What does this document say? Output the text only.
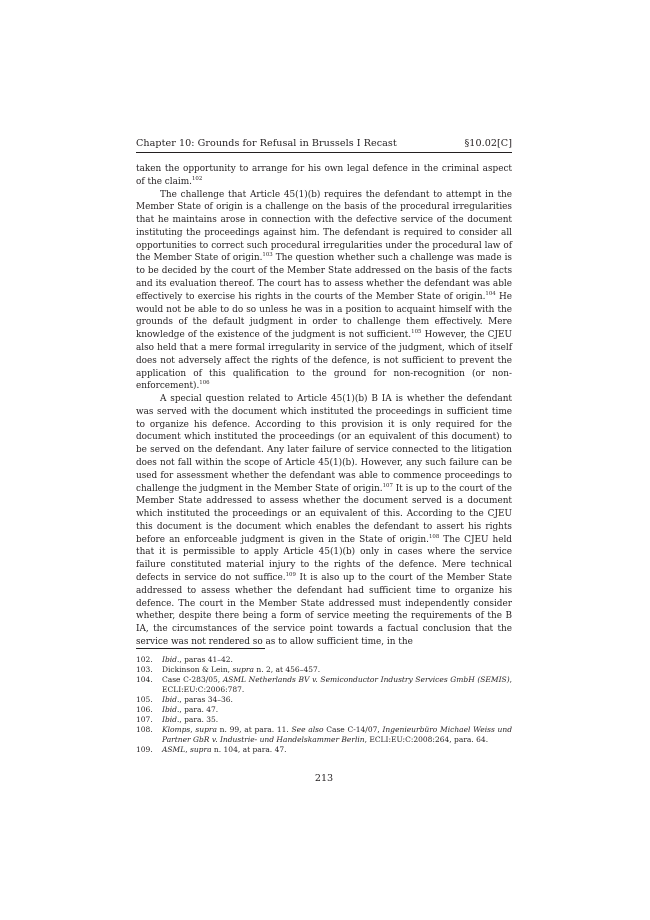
Chapter 10: Grounds for Refusal in Brussels I Recast	§10.02[C]

taken the opportunity to arrange for his own legal defence in the criminal aspect of the claim.$^{102}$

The challenge that Article 45(1)(b) requires the defendant to attempt in the Member State of origin is a challenge on the basis of the procedural irregularities that he maintains arose in connection with the defective service of the document instituting the proceedings against him. The defendant is required to consider all opportunities to correct such procedural irregularities under the procedural law of the Member State of origin.$^{103}$ The question whether such a challenge was made is to be decided by the court of the Member State addressed on the basis of the facts and its evaluation thereof. The court has to assess whether the defendant was able effectively to exercise his rights in the courts of the Member State of origin.$^{104}$ He would not be able to do so unless he was in a position to acquaint himself with the grounds of the default judgment in order to challenge them effectively. Mere knowledge of the existence of the judgment is not sufficient.$^{105}$ However, the CJEU also held that a mere formal irregularity in service of the judgment, which of itself does not adversely affect the rights of the defence, is not sufficient to prevent the application of this qualification to the ground for non-recognition (or non-enforcement).$^{106}$

A special question related to Article 45(1)(b) B IA is whether the defendant was served with the document which instituted the proceedings in sufficient time to organize his defence. According to this provision it is only required for the document which instituted the proceedings (or an equivalent of this document) to be served on the defendant. Any later failure of service connected to the litigation does not fall within the scope of Article 45(1)(b). However, any such failure can be used for assessment whether the defendant was able to commence proceedings to challenge the judgment in the Member State of origin.$^{107}$ It is up to the court of the Member State addressed to assess whether the document served is a document which instituted the proceedings or an equivalent of this. According to the CJEU this document is the document which enables the defendant to assert his rights before an enforceable judgment is given in the State of origin.$^{108}$ The CJEU held that it is permissible to apply Article 45(1)(b) only in cases where the service failure constituted material injury to the rights of the defence. Mere technical defects in service do not suffice.$^{109}$ It is also up to the court of the Member State addressed to assess whether the defendant had sufficient time to organize his defence. The court in the Member State addressed must independently consider whether, despite there being a form of service meeting the requirements of the B IA, the circumstances of the service point towards a factual conclusion that the service was not rendered so as to allow sufficient time, in the

102.	Ibid., paras 41–42.
103.	Dickinson & Lein, supra n. 2, at 456–457.
104.	Case C-283/05, ASML Netherlands BV v. Semiconductor Industry Services GmbH (SEMIS), ECLI:EU:C:2006:787.
105.	Ibid., paras 34–36.
106.	Ibid., para. 47.
107.	Ibid., para. 35.
108.	Klomps, supra n. 99, at para. 11. See also Case C-14/07, Ingenieurbüro Michael Weiss und Partner GbR v. Industrie- und Handelskammer Berlin, ECLI:EU:C:2008:264, para. 64.
109.	ASML, supra n. 104, at para. 47.
213
